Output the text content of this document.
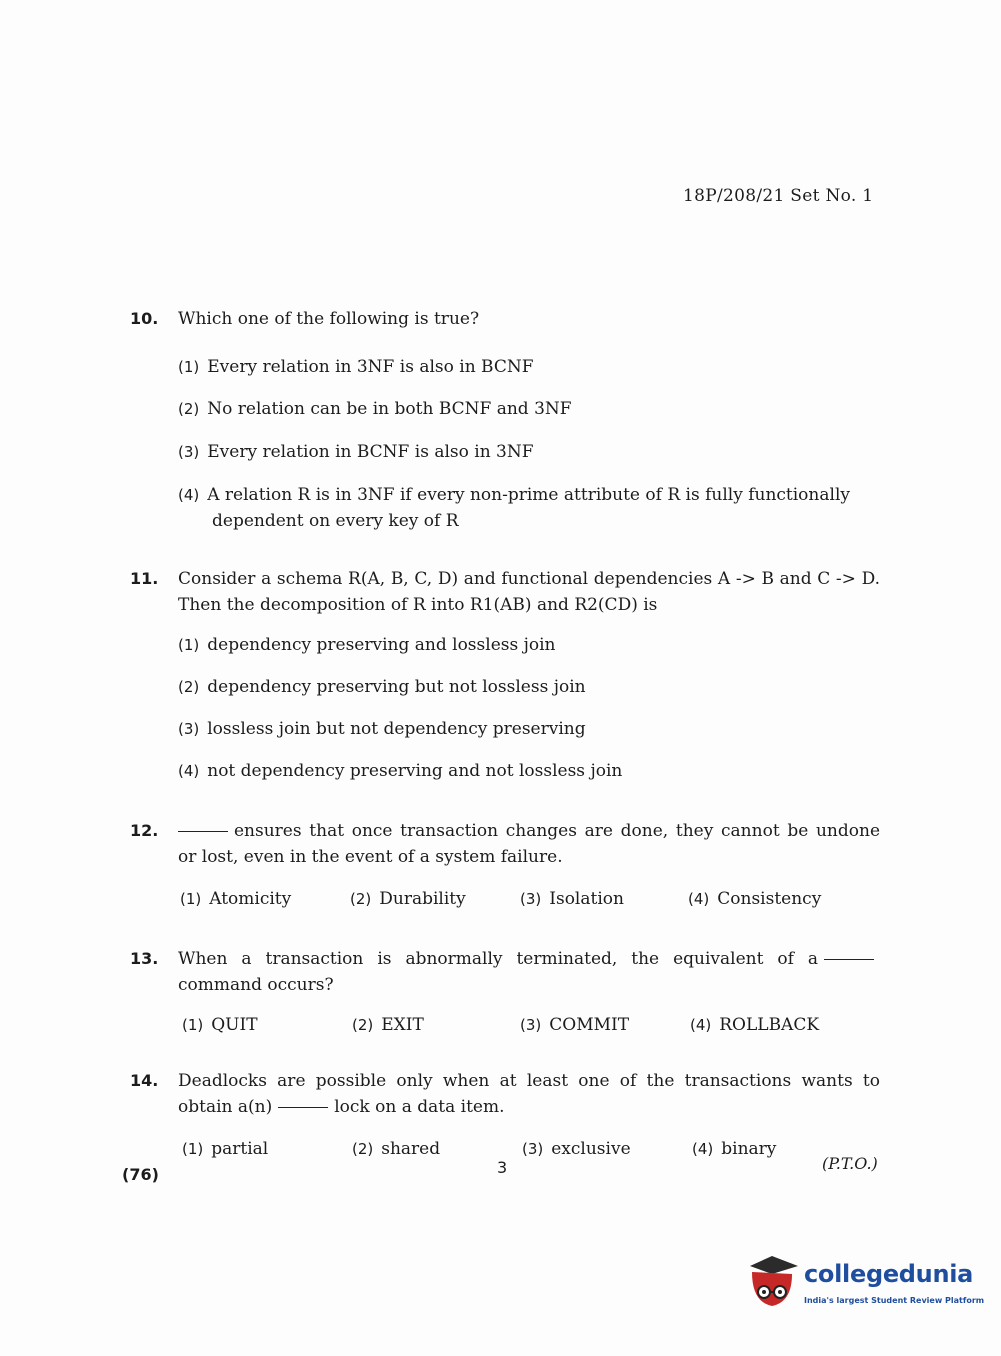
18P/208/21 Set No. 1
10. Which one of the following is true?
(1) Every relation in 3NF is also in BCNF
(2) No relation can be in both BCNF and 3NF
(3) Every relation in BCNF is also in 3NF
(4) A relation R is in 3NF if every non-prime attribute of R is fully functionally
dependent on every key of R
11. Consider a schema R(A, B, C, D) and functional dependencies A -> B and C -> D. Then the decomposition of R into R1(AB) and R2(CD) is
(1) dependency preserving and lossless join
(2) dependency preserving but not lossless join
(3) lossless join but not dependency preserving
(4) not dependency preserving and not lossless join
12.	ensures that once transaction changes are done, they cannot be undone or lost, even in the event of a system failure.
(1) Atomicity	(2) Durability	(3) Isolation	(4) Consistency
13. When a transaction is abnormally terminated, the equivalent of acommand occurs?
(1) QUIT	(2) EXIT	(3) COMMIT	(4) ROLLBACK
14. Deadlocks are possible only when at least one of the transactions wants to obtain a(n)	lock on a data item.
(1) partial	(2) shared	(3) exclusive	(4) binary
(76)	3	(P.T.O.)
collegedunia
India's largest Student Review Platform
